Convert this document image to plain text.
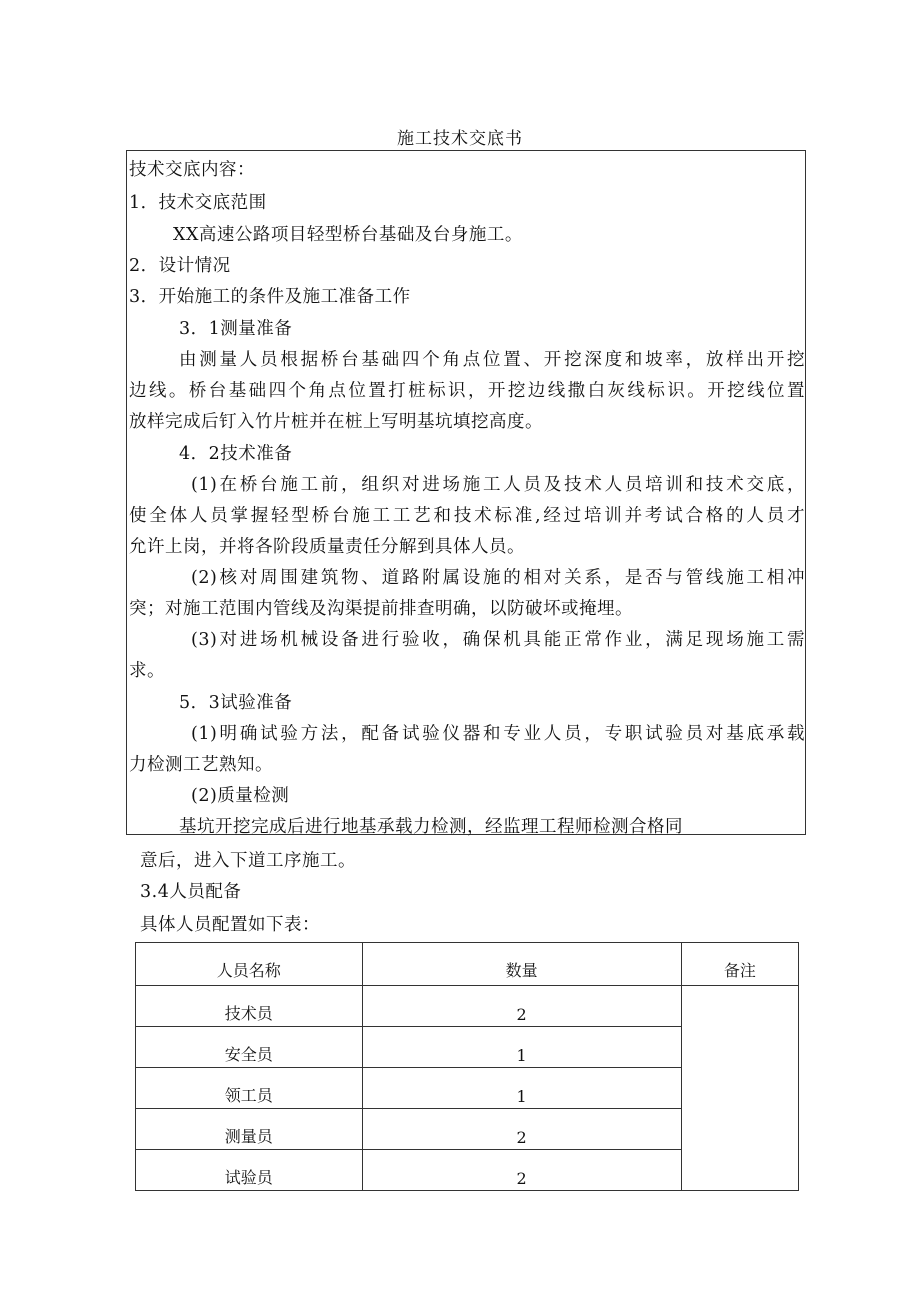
施工技术交底书
技术交底内容：
1．技术交底范围
XX高速公路项目轻型桥台基础及台身施工。
2．设计情况
3．开始施工的条件及施工准备工作
3．1测量准备
由测量人员根据桥台基础四个角点位置、开挖深度和坡率，放样出开挖
边线。桥台基础四个角点位置打桩标识，开挖边线撒白灰线标识。开挖线位置
放样完成后钉入竹片桩并在桩上写明基坑填挖高度。
4．2技术准备
(1)在桥台施工前，组织对进场施工人员及技术人员培训和技术交底，
使全体人员掌握轻型桥台施工工艺和技术标准,经过培训并考试合格的人员才
允许上岗，并将各阶段质量责任分解到具体人员。
(2)核对周围建筑物、道路附属设施的相对关系，是否与管线施工相冲
突；对施工范围内管线及沟渠提前排查明确，以防破坏或掩埋。
(3)对进场机械设备进行验收，确保机具能正常作业，满足现场施工需
求。
5．3试验准备
(1)明确试验方法，配备试验仪器和专业人员，专职试验员对基底承载
力检测工艺熟知。
(2)质量检测
基坑开挖完成后进行地基承载力检测，经监理工程师检测合格同
意后，进入下道工序施工。
3.4人员配备
具体人员配置如下表：
人员名称	数量	备注
技术员	2	
安全员	1	
领工员	1	
测量员	2	
试验员	2	
